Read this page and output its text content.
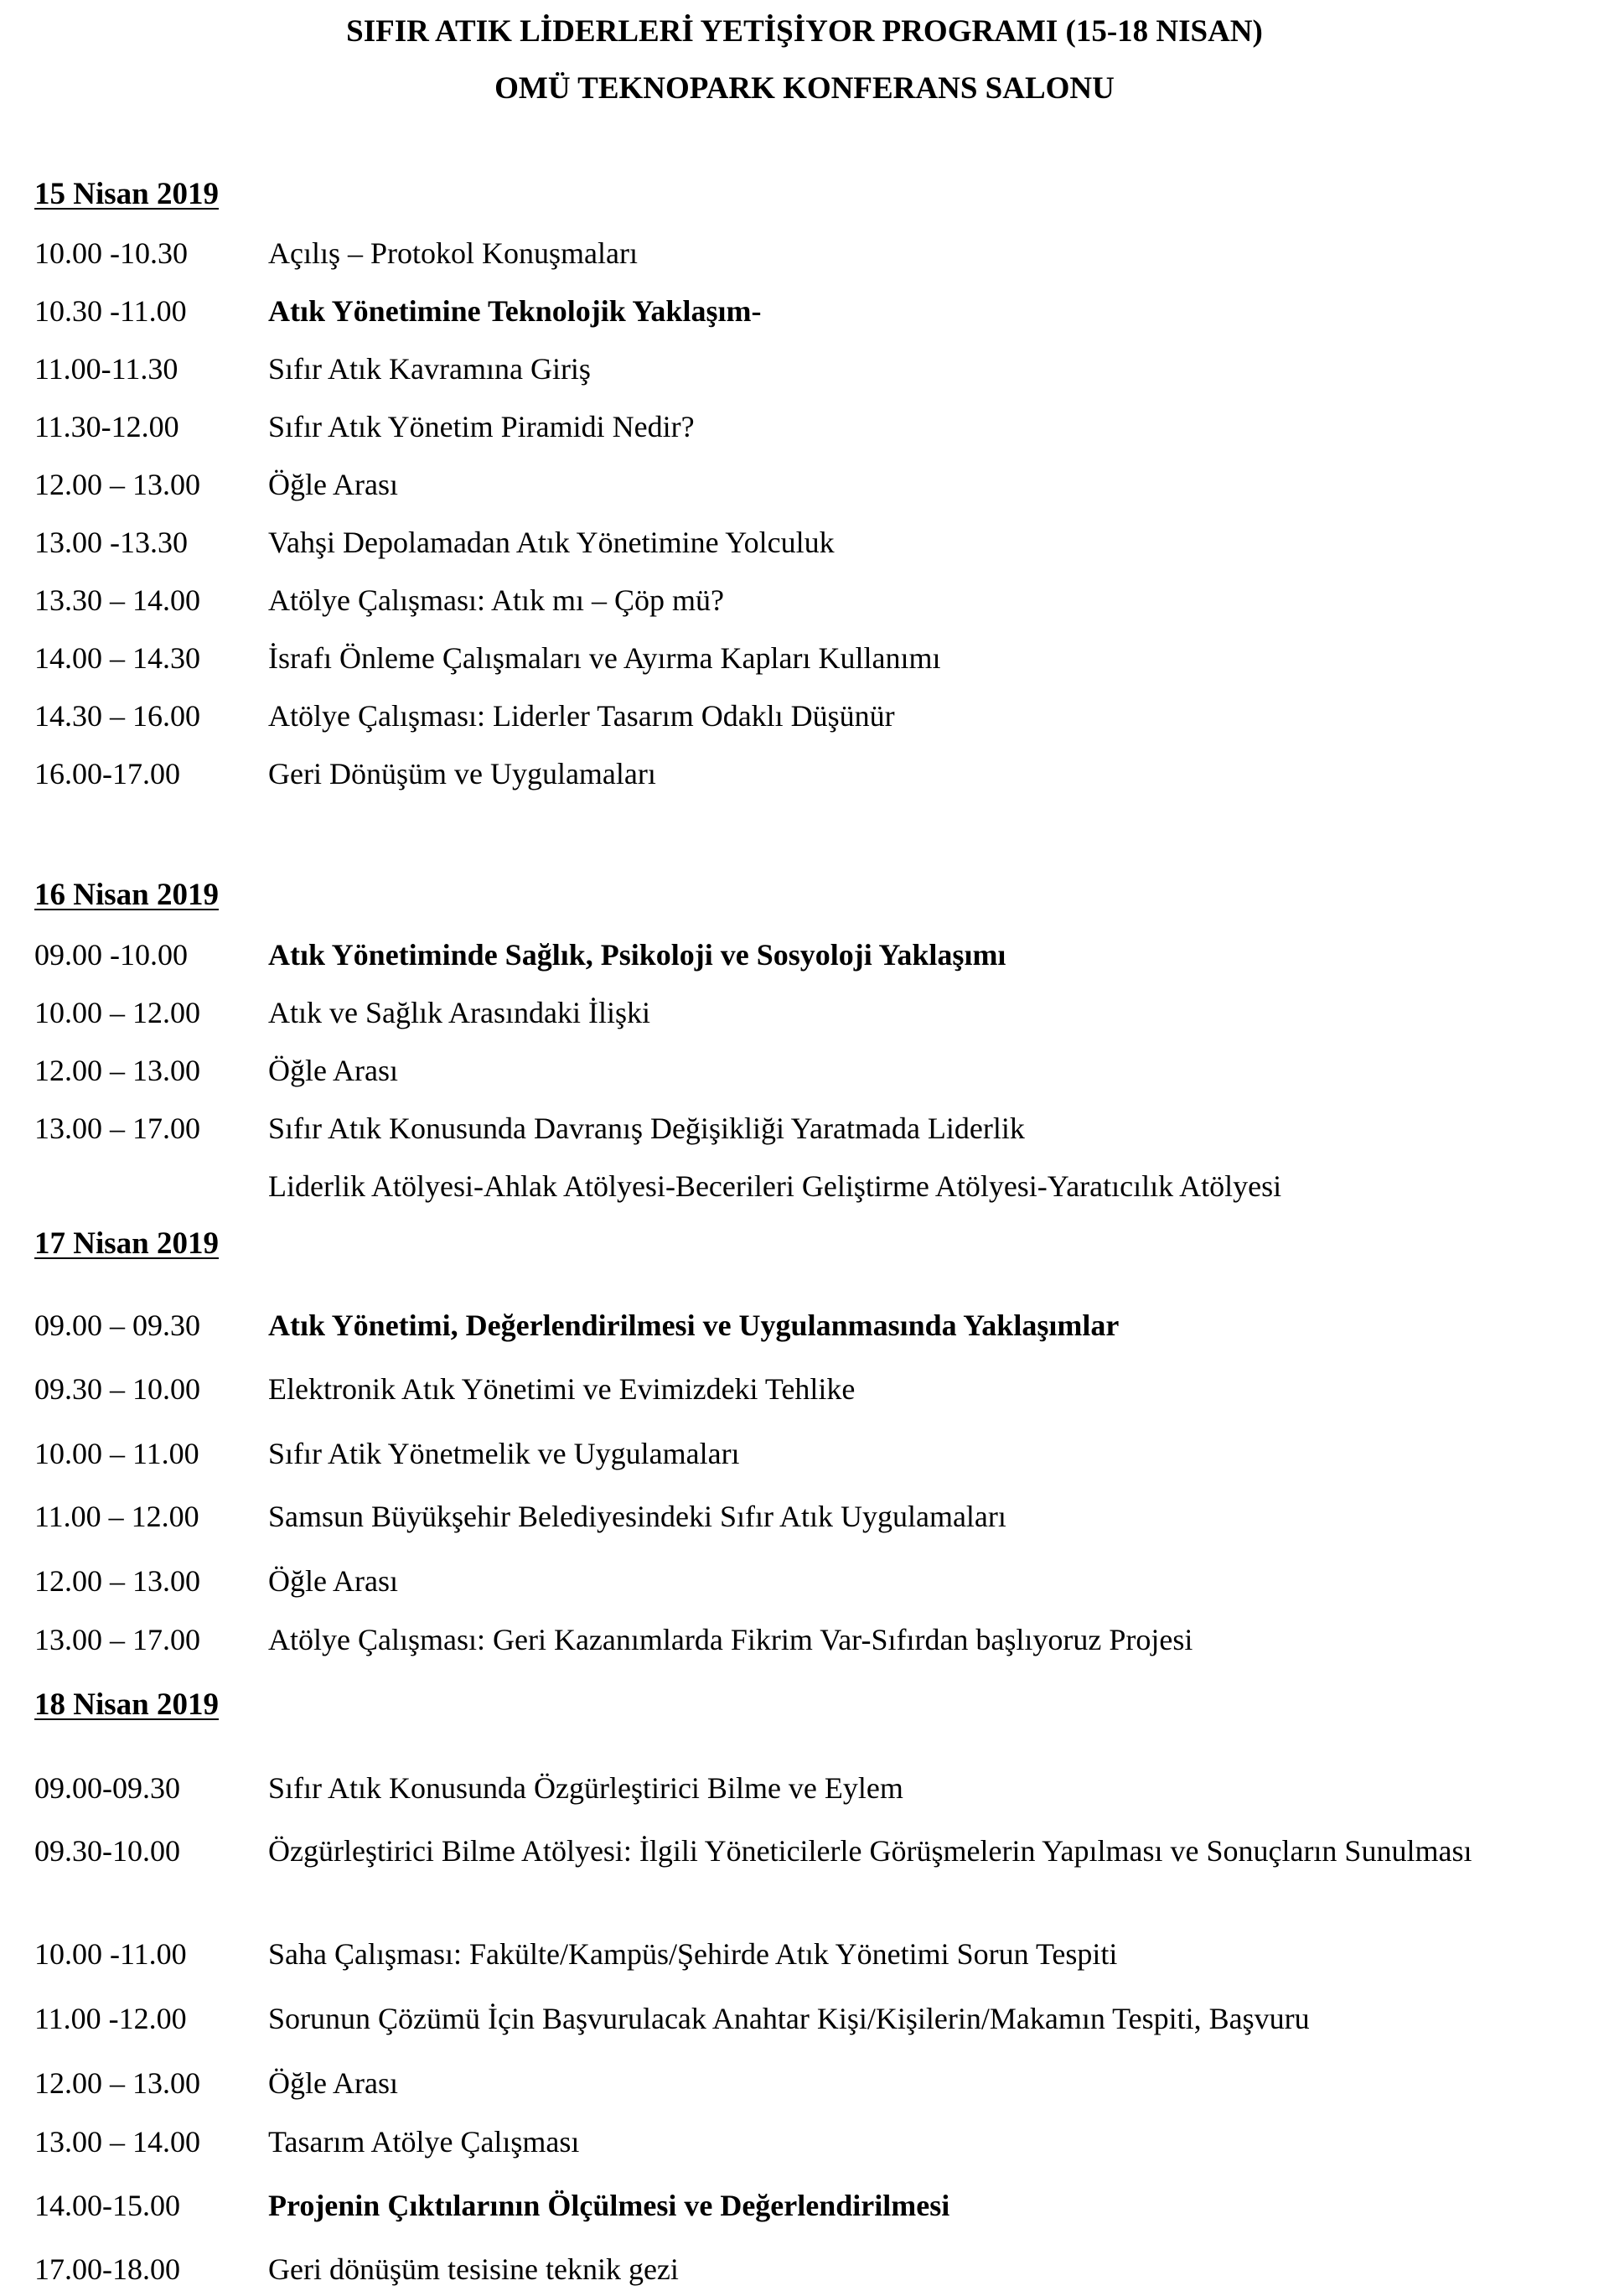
SIFIR ATIK LİDERLERİ YETİŞİYOR PROGRAMI (15-18 NISAN)
OMÜ TEKNOPARK KONFERANS SALONU
15 Nisan 2019
10.00 -10.30	Açılış – Protokol Konuşmaları
10.30 -11.00	Atık Yönetimine Teknolojik Yaklaşım-
11.00-11.30	Sıfır Atık Kavramına Giriş
11.30-12.00	Sıfır Atık Yönetim Piramidi Nedir?
12.00 – 13.00 Öğle Arası
13.00 -13.30	Vahşi Depolamadan Atık Yönetimine Yolculuk
13.30 – 14.00 Atölye Çalışması: Atık mı – Çöp mü?
14.00 – 14.30 İsrafı Önleme Çalışmaları ve Ayırma Kapları Kullanımı
14.30 – 16.00 Atölye Çalışması: Liderler Tasarım Odaklı Düşünür
16.00-17.00	Geri Dönüşüm ve Uygulamaları
16 Nisan 2019
09.00 -10.00	Atık Yönetiminde Sağlık, Psikoloji ve Sosyoloji Yaklaşımı
10.00 – 12.00 Atık ve Sağlık Arasındaki İlişki
12.00 – 13.00 Öğle Arası
13.00 – 17.00 Sıfır Atık Konusunda Davranış Değişikliği Yaratmada Liderlik
Liderlik Atölyesi-Ahlak Atölyesi-Becerileri Geliştirme Atölyesi-Yaratıcılık Atölyesi
17 Nisan 2019
09.00 – 09.30 Atık Yönetimi, Değerlendirilmesi ve Uygulanmasında Yaklaşımlar
09.30 – 10.00 Elektronik Atık Yönetimi ve Evimizdeki Tehlike
10.00 – 11.00 Sıfır Atik Yönetmelik ve Uygulamaları
11.00 – 12.00 Samsun Büyükşehir Belediyesindeki Sıfır Atık Uygulamaları
12.00 – 13.00 Öğle Arası
13.00 – 17.00 Atölye Çalışması: Geri Kazanımlarda Fikrim Var-Sıfırdan başlıyoruz Projesi
18 Nisan 2019
09.00-09.30	Sıfır Atık Konusunda Özgürleştirici Bilme ve Eylem
09.30-10.00	Özgürleştirici Bilme Atölyesi: İlgili Yöneticilerle Görüşmelerin Yapılması ve Sonuçların Sunulması
10.00 -11.00	Saha Çalışması: Fakülte/Kampüs/Şehirde Atık Yönetimi Sorun Tespiti
11.00 -12.00	Sorunun Çözümü İçin Başvurulacak Anahtar Kişi/Kişilerin/Makamın Tespiti, Başvuru
12.00 – 13.00 Öğle Arası
13.00 – 14.00 Tasarım Atölye Çalışması
14.00-15.00	Projenin Çıktılarının Ölçülmesi ve Değerlendirilmesi
17.00-18.00	Geri dönüşüm tesisine teknik gezi
